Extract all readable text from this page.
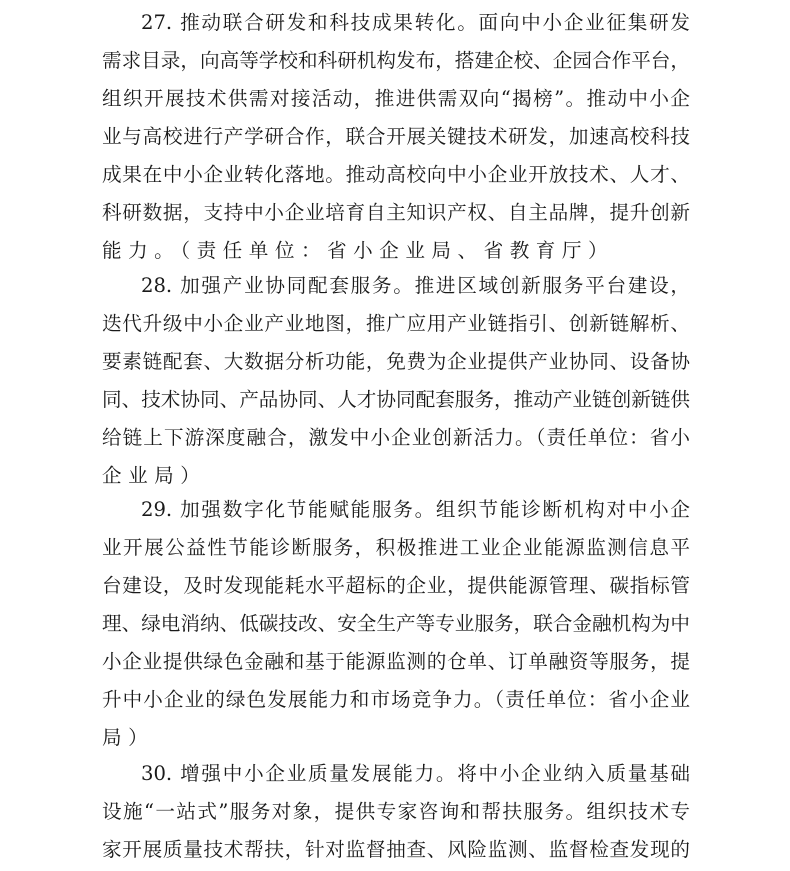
27. 推动联合研发和科技成果转化。面向中小企业征集研发
需求目录，向高等学校和科研机构发布，搭建企校、企园合作平台，
组织开展技术供需对接活动，推进供需双向“揭榜”。推动中小企
业与高校进行产学研合作，联合开展关键技术研发，加速高校科技
成果在中小企业转化落地。推动高校向中小企业开放技术、人才、
科研数据，支持中小企业培育自主知识产权、自主品牌，提升创新
能力。（责任单位：省小企业局、省教育厅）
28. 加强产业协同配套服务。推进区域创新服务平台建设，
迭代升级中小企业产业地图，推广应用产业链指引、创新链解析、
要素链配套、大数据分析功能，免费为企业提供产业协同、设备协
同、技术协同、产品协同、人才协同配套服务，推动产业链创新链供
给链上下游深度融合，激发中小企业创新活力。（责任单位：省小
企业局）
29. 加强数字化节能赋能服务。组织节能诊断机构对中小企
业开展公益性节能诊断服务，积极推进工业企业能源监测信息平
台建设，及时发现能耗水平超标的企业，提供能源管理、碳指标管
理、绿电消纳、低碳技改、安全生产等专业服务，联合金融机构为中
小企业提供绿色金融和基于能源监测的仓单、订单融资等服务，提
升中小企业的绿色发展能力和市场竞争力。（责任单位：省小企业
局）
30. 增强中小企业质量发展能力。将中小企业纳入质量基础
设施“一站式”服务对象，提供专家咨询和帮扶服务。组织技术专
家开展质量技术帮扶，针对监督抽查、风险监测、监督检查发现的
